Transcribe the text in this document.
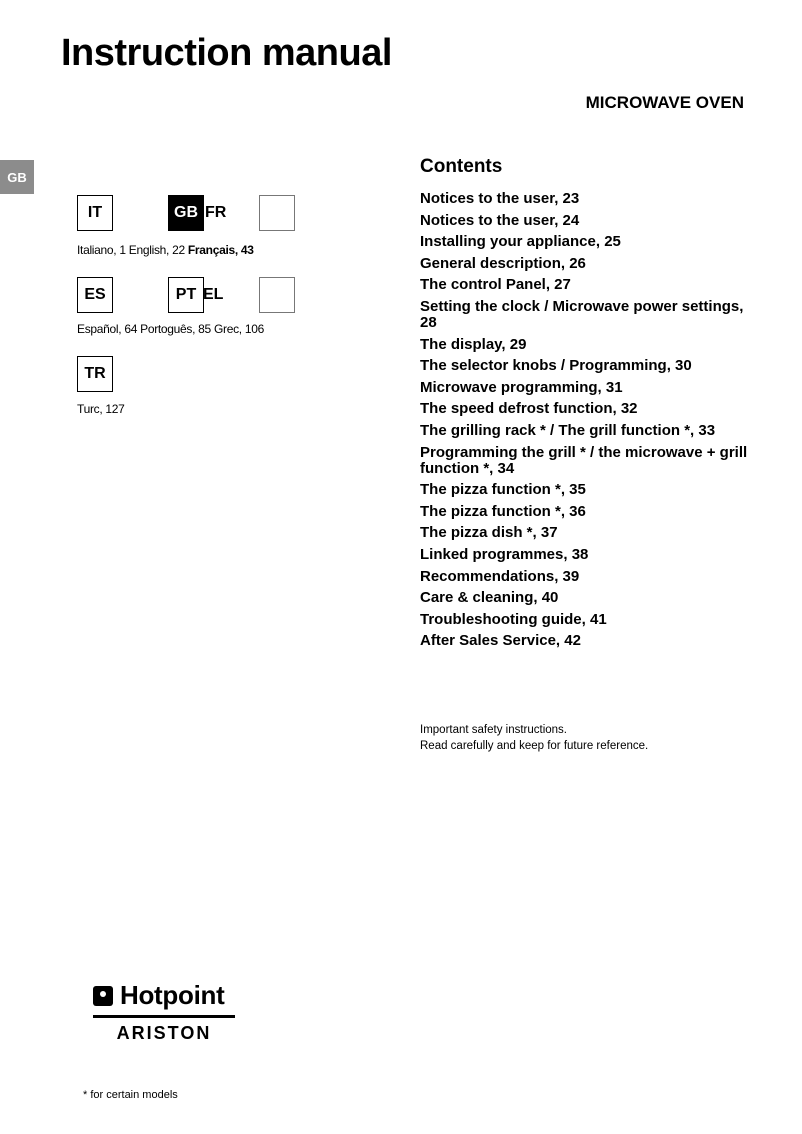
Instruction manual
MICROWAVE OVEN
GB
IT	GB FR
Italiano, 1 English, 22 Français, 43
ES	PT EL
Español, 64 Portoguês, 85 Grec, 106
TR
Turc, 127
Contents
Notices to the user, 23
Notices to the user, 24
Installing your appliance, 25
General description, 26
The control Panel, 27
Setting the clock / Microwave power settings, 28
The display, 29
The selector knobs / Programming, 30
Microwave programming, 31
The speed defrost function, 32
The grilling rack * / The grill function *, 33
Programming the grill * / the microwave + grill function *, 34
The pizza function *, 35
The pizza function *, 36
The pizza dish *, 37
Linked programmes, 38
Recommendations, 39
Care & cleaning, 40
Troubleshooting guide, 41
After Sales Service, 42
Important safety instructions.
Read carefully and keep for future reference.
Hotpoint
ARISTON
* for certain models
